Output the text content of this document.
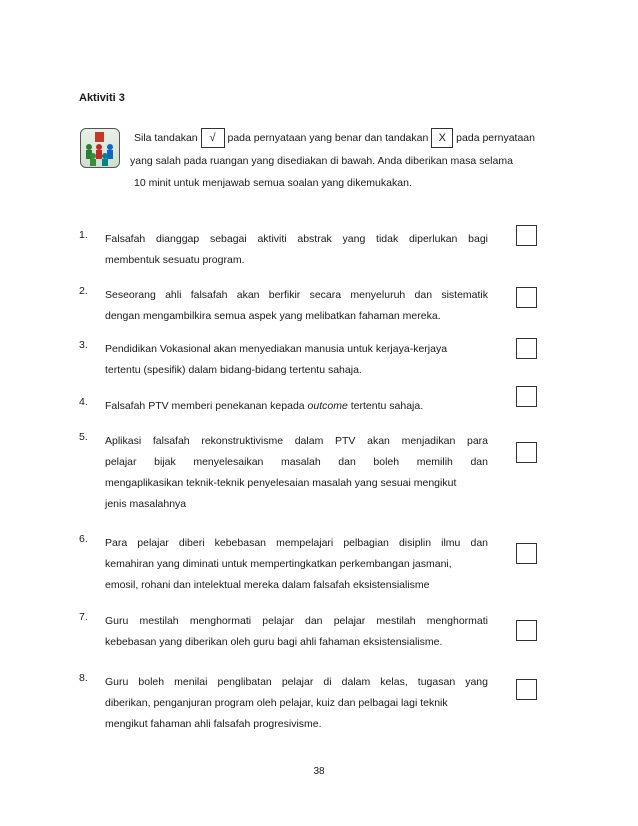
Aktiviti 3
Sila tandakan √ pada pernyataan yang benar dan tandakan X pada pernyataan
yang salah pada ruangan yang disediakan di bawah. Anda diberikan masa selama
10 minit untuk menjawab semua soalan yang dikemukakan.
1. Falsafah dianggap sebagai aktiviti abstrak yang tidak diperlukan bagi
membentuk sesuatu program.
2. Seseorang ahli falsafah akan berfikir secara menyeluruh dan sistematik
dengan mengambilkira semua aspek yang melibatkan fahaman mereka.
3. Pendidikan Vokasional akan menyediakan manusia untuk kerjaya-kerjaya
tertentu (spesifik) dalam bidang-bidang tertentu sahaja.
4. Falsafah PTV memberi penekanan kepada outcome tertentu sahaja.
5. Aplikasi falsafah rekonstruktivisme dalam PTV akan menjadikan para
pelajar bijak menyelesaikan masalah dan boleh memilih dan
mengaplikasikan teknik-teknik penyelesaian masalah yang sesuai mengikut
jenis masalahnya
6. Para pelajar diberi kebebasan mempelajari pelbagian disiplin ilmu dan
kemahiran yang diminati untuk mempertingkatkan perkembangan jasmani,
emosil, rohani dan intelektual mereka dalam falsafah eksistensialisme
7. Guru mestilah menghormati pelajar dan pelajar mestilah menghormati
kebebasan yang diberikan oleh guru bagi ahli fahaman eksistensialisme.
8. Guru boleh menilai penglibatan pelajar di dalam kelas, tugasan yang
diberikan, penganjuran program oleh pelajar, kuiz dan pelbagai lagi teknik
mengikut fahaman ahli falsafah progresivisme.
38
